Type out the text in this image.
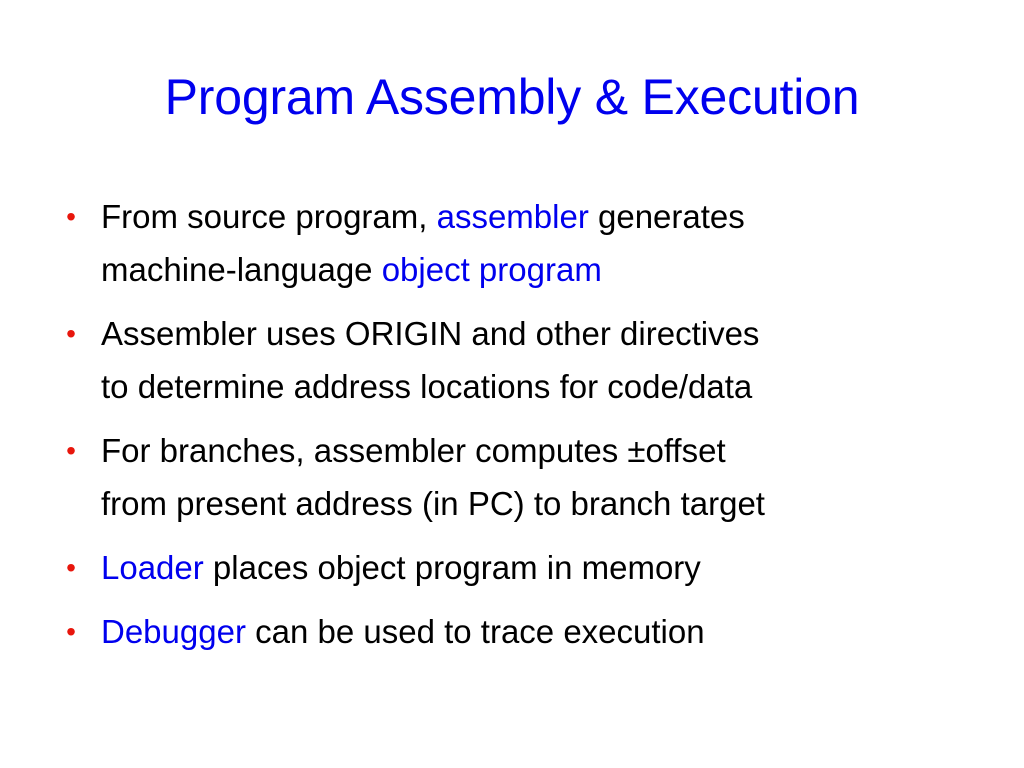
Program Assembly & Execution
• From source program, assembler generates
machine-language object program
• Assembler uses ORIGIN and other directives
to determine address locations for code/data
• For branches, assembler computes ±offset
from present address (in PC) to branch target
• Loader places object program in memory
• Debugger can be used to trace execution
